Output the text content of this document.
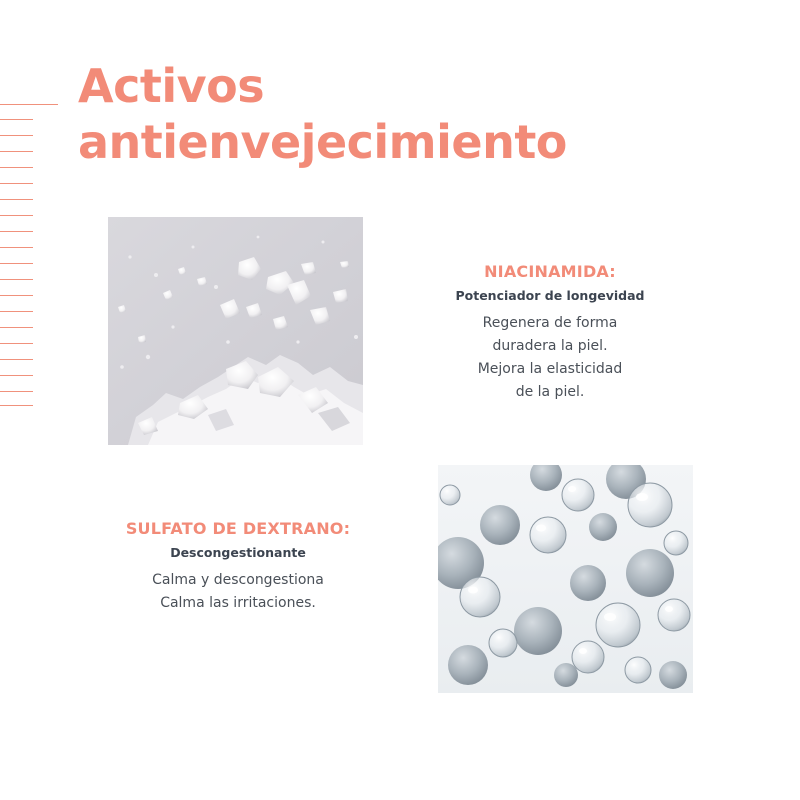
Activos
antienvejecimiento
NIACINAMIDA:
Potenciador de longevidad
Regenera de forma
duradera la piel.
Mejora la elasticidad
de la piel.
SULFATO DE DEXTRANO:
Descongestionante
Calma y descongestiona
Calma las irritaciones.
